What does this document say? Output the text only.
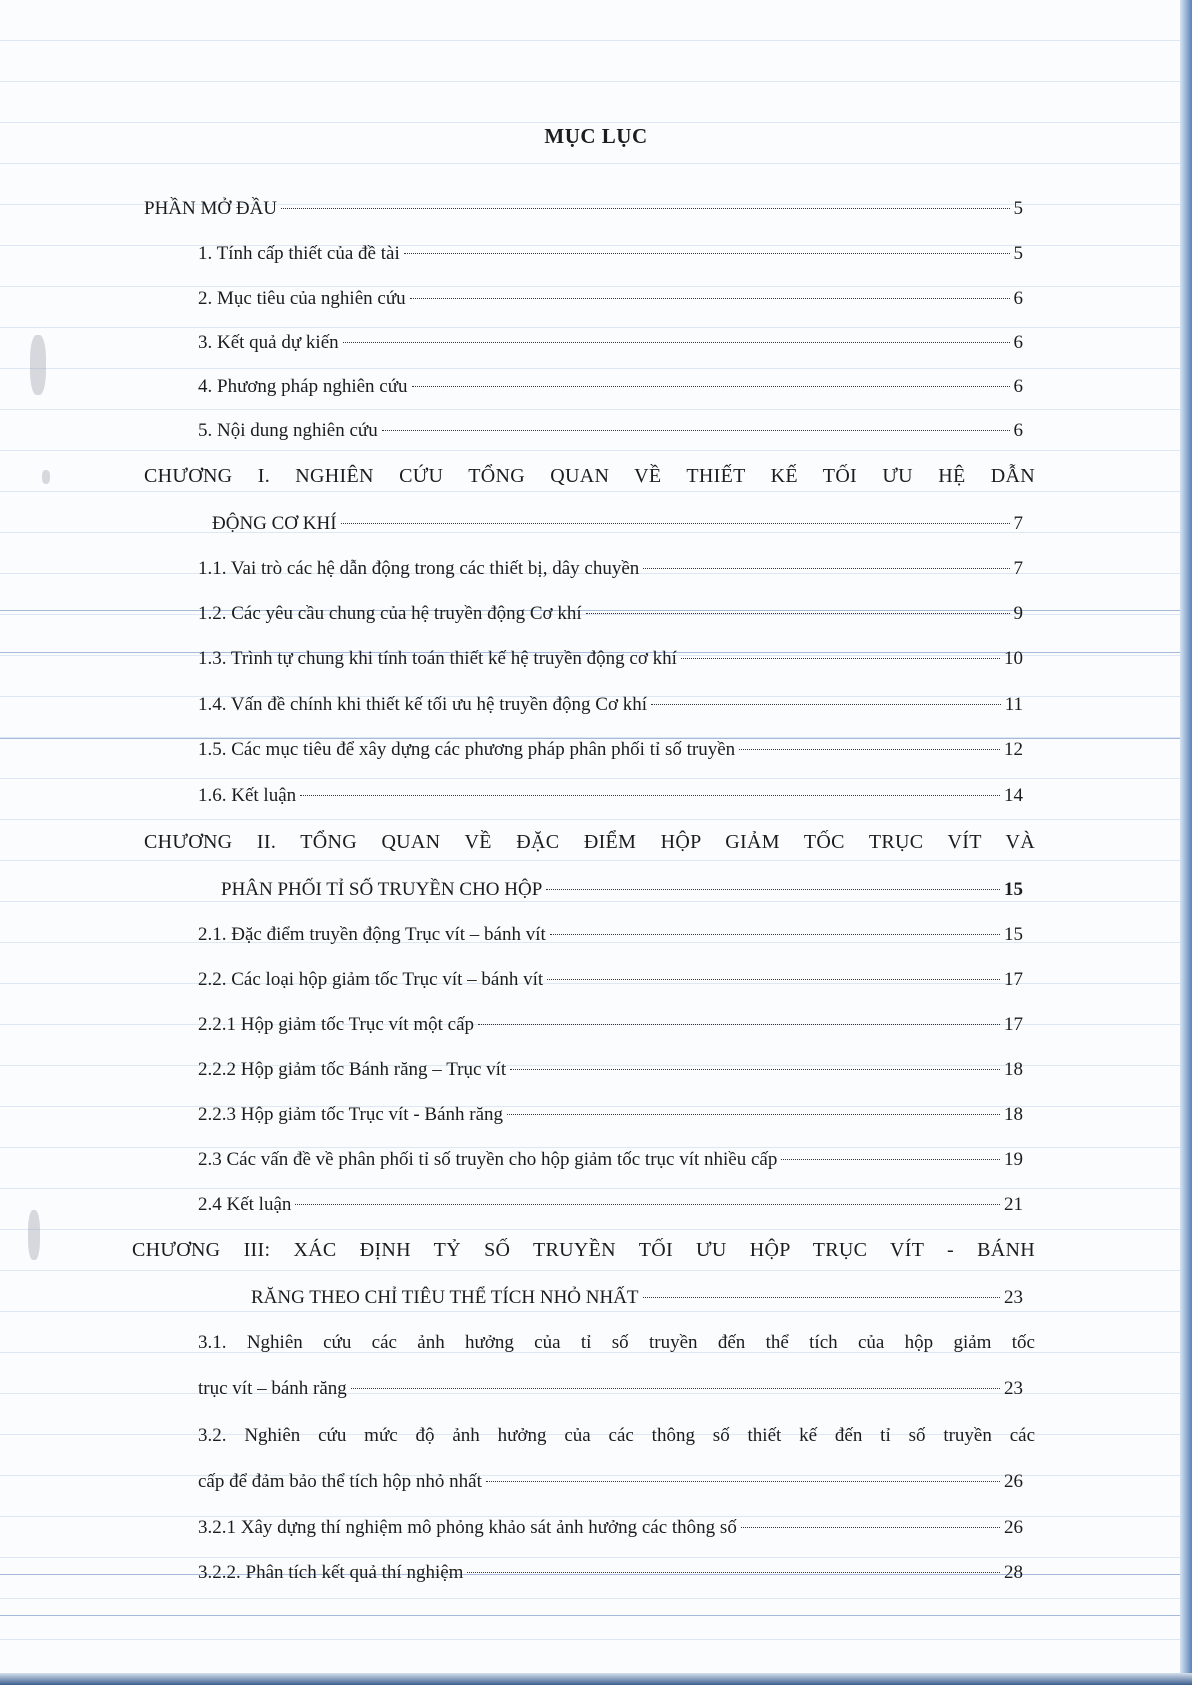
MỤC LỤC
PHẦN MỞ ĐẦU	5
1. Tính cấp thiết của đề tài	5
2. Mục tiêu của nghiên cứu	6
3. Kết quả dự kiến	6
4. Phương pháp nghiên cứu	6
5. Nội dung nghiên cứu	6
CHƯƠNG I. NGHIÊN CỨU TỔNG QUAN VỀ THIẾT KẾ TỐI ƯU HỆ DẪN
ĐỘNG CƠ KHÍ	7
1.1. Vai trò các hệ dẫn động trong các thiết bị, dây chuyền	7
1.2. Các yêu cầu chung của hệ truyền động Cơ khí	9
1.3. Trình tự chung khi tính toán thiết kế hệ truyền động cơ khí	10
1.4. Vấn đề chính khi thiết kế tối ưu hệ truyền động Cơ khí	11
1.5. Các mục tiêu để xây dựng các phương pháp phân phối tỉ số truyền	12
1.6. Kết luận	14
CHƯƠNG II. TỔNG QUAN VỀ ĐẶC ĐIỂM HỘP GIẢM TỐC TRỤC VÍT VÀ
PHÂN PHỐI TỈ SỐ TRUYỀN CHO HỘP	15
2.1. Đặc điểm truyền động Trục vít – bánh vít	15
2.2. Các loại hộp giảm tốc Trục vít – bánh vít	17
2.2.1 Hộp giảm tốc Trục vít một cấp	17
2.2.2 Hộp giảm tốc Bánh răng – Trục vít	18
2.2.3 Hộp giảm tốc Trục vít - Bánh răng	18
2.3 Các vấn đề về phân phối tỉ số truyền cho hộp giảm tốc trục vít nhiều cấp	19
2.4 Kết luận	21
CHƯƠNG III: XÁC ĐỊNH TỶ SỐ TRUYỀN TỐI ƯU HỘP TRỤC VÍT - BÁNH
RĂNG THEO CHỈ TIÊU THỂ TÍCH NHỎ NHẤT	23
3.1. Nghiên cứu các ảnh hưởng của tỉ số truyền đến thể tích của hộp giảm tốc
trục vít – bánh răng	23
3.2. Nghiên cứu mức độ ảnh hưởng của các thông số thiết kế đến tỉ số truyền các
cấp để đảm bảo thể tích hộp nhỏ nhất	26
3.2.1 Xây dựng thí nghiệm mô phỏng khảo sát ảnh hưởng các thông số	26
3.2.2. Phân tích kết quả thí nghiệm	28
